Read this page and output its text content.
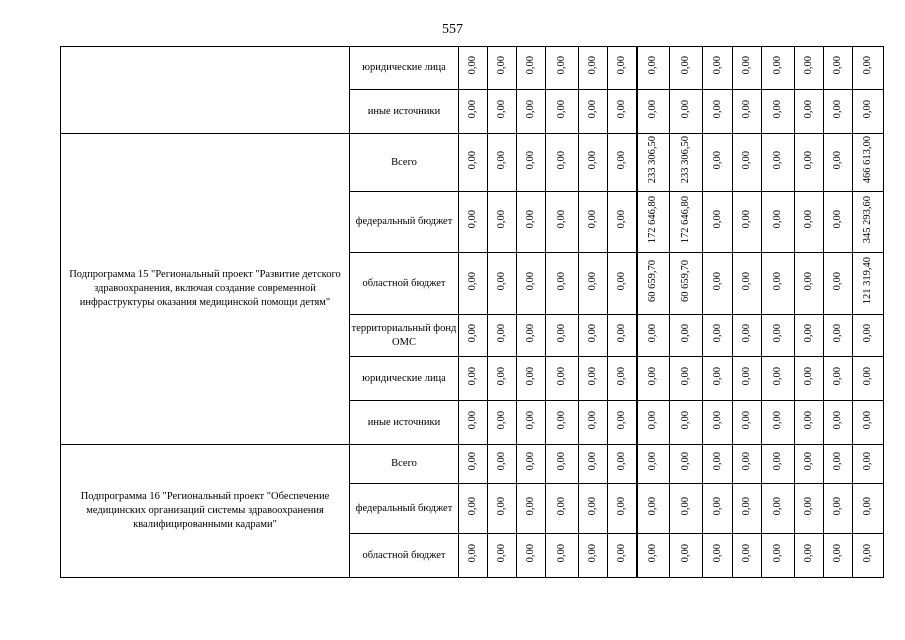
557
	юридические лица	0,00	0,00	0,00	0,00	0,00	0,00	0,00	0,00	0,00	0,00	0,00	0,00	0,00	0,00
	иные источники	0,00	0,00	0,00	0,00	0,00	0,00	0,00	0,00	0,00	0,00	0,00	0,00	0,00	0,00
Подпрограмма 15 "Региональный проект "Развитие детского здравоохранения, включая создание современной инфраструктуры оказания медицинской помощи детям"	Всего	0,00	0,00	0,00	0,00	0,00	0,00	233 306,50	233 306,50	0,00	0,00	0,00	0,00	0,00	466 613,00
	федеральный бюджет	0,00	0,00	0,00	0,00	0,00	0,00	172 646,80	172 646,80	0,00	0,00	0,00	0,00	0,00	345 293,60
	областной бюджет	0,00	0,00	0,00	0,00	0,00	0,00	60 659,70	60 659,70	0,00	0,00	0,00	0,00	0,00	121 319,40
	территориальный фонд ОМС	0,00	0,00	0,00	0,00	0,00	0,00	0,00	0,00	0,00	0,00	0,00	0,00	0,00	0,00
	юридические лица	0,00	0,00	0,00	0,00	0,00	0,00	0,00	0,00	0,00	0,00	0,00	0,00	0,00	0,00
	иные источники	0,00	0,00	0,00	0,00	0,00	0,00	0,00	0,00	0,00	0,00	0,00	0,00	0,00	0,00
Подпрограмма 16 "Региональный проект "Обеспечение медицинских организаций системы здравоохранения квалифицированными кадрами"	Всего	0,00	0,00	0,00	0,00	0,00	0,00	0,00	0,00	0,00	0,00	0,00	0,00	0,00	0,00
	федеральный бюджет	0,00	0,00	0,00	0,00	0,00	0,00	0,00	0,00	0,00	0,00	0,00	0,00	0,00	0,00
	областной бюджет	0,00	0,00	0,00	0,00	0,00	0,00	0,00	0,00	0,00	0,00	0,00	0,00	0,00	0,00
